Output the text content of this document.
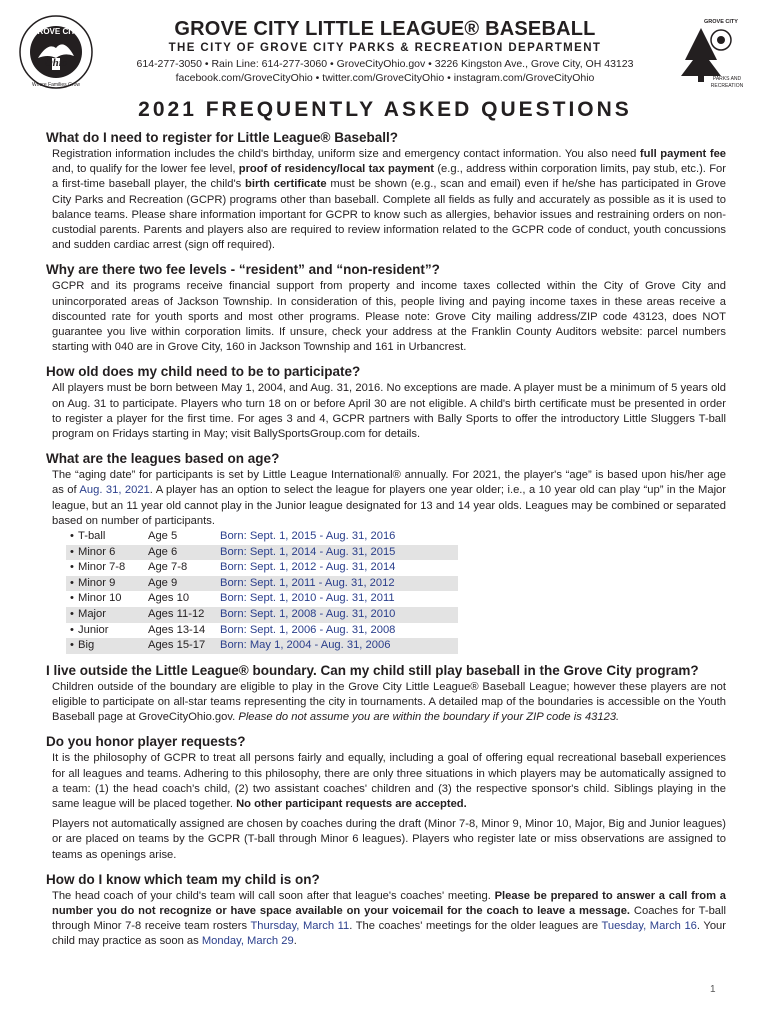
GROVE CITY
Ohio
Where Families Grow
GROVE CITY LITTLE LEAGUE® BASEBALL
THE CITY OF GROVE CITY PARKS & RECREATION DEPARTMENT
614-277-3050 • Rain Line: 614-277-3060 • GroveCityOhio.gov • 3226 Kingston Ave., Grove City, OH 43123
facebook.com/GroveCityOhio • twitter.com/GroveCityOhio • instagram.com/GroveCityOhio
GROVE CITY
PARKS AND
RECREATION
2021 FREQUENTLY ASKED QUESTIONS
What do I need to register for Little League® Baseball?
Registration information includes the child's birthday, uniform size and emergency contact information. You also need full payment fee and, to qualify for the lower fee level, proof of residency/local tax payment (e.g., address within corporation limits, pay stub, etc.). For a first-time baseball player, the child's birth certificate must be shown (e.g., scan and email) even if he/she has participated in Grove City Parks and Recreation (GCPR) programs other than baseball. Complete all fields as fully and accurately as possible as it is used to balance teams. Please share information important for GCPR to know such as allergies, behavior issues and restraining orders on non-custodial parents. Parents and players also are required to review information related to the GCPR code of conduct, youth concussions and sudden cardiac arrest (sign off required).
Why are there two fee levels - “resident” and “non-resident”?
GCPR and its programs receive financial support from property and income taxes collected within the City of Grove City and unincorporated areas of Jackson Township. In consideration of this, people living and paying income taxes in these areas receive a discounted rate for youth sports and most other programs. Please note: Grove City mailing address/ZIP code 43123, does NOT guarantee you live within corporation limits. If unsure, check your address at the Franklin County Auditors website: parcel numbers starting with 040 are in Grove City, 160 in Jackson Township and 161 in Urbancrest.
How old does my child need to be to participate?
All players must be born between May 1, 2004, and Aug. 31, 2016. No exceptions are made. A player must be a minimum of 5 years old on Aug. 31 to participate. Players who turn 18 on or before April 30 are not eligible. A child's birth certificate must be presented in order to register a player for the first time. For ages 3 and 4, GCPR partners with Bally Sports to offer the introductory Little Sluggers T-ball program on Fridays starting in May; visit BallySportsGroup.com for details.
What are the leagues based on age?
The “aging date” for participants is set by Little League International® annually. For 2021, the player's “age” is based upon his/her age as of Aug. 31, 2021. A player has an option to select the league for players one year older; i.e., a 10 year old can play “up” in the Major league, but an 11 year old cannot play in the Junior league designated for 13 and 14 year olds. Leagues may be combined or separated based on number of participants.
• T-ball	Age 5	Born: Sept. 1, 2015 - Aug. 31, 2016
• Minor 6	Age 6	Born: Sept. 1, 2014 - Aug. 31, 2015
• Minor 7-8	Age 7-8	Born: Sept. 1, 2012 - Aug. 31, 2014
• Minor 9	Age 9	Born: Sept. 1, 2011 - Aug. 31, 2012
• Minor 10	Ages 10	Born: Sept. 1, 2010 - Aug. 31, 2011
• Major	Ages 11-12	Born: Sept. 1, 2008 - Aug. 31, 2010
• Junior	Ages 13-14	Born: Sept. 1, 2006 - Aug. 31, 2008
• Big	Ages 15-17	Born: May 1, 2004 - Aug. 31, 2006
I live outside the Little League® boundary. Can my child still play baseball in the Grove City program?
Children outside of the boundary are eligible to play in the Grove City Little League® Baseball League; however these players are not eligible to participate on all-star teams representing the city in tournaments. A detailed map of the boundaries is accessible on the Youth Baseball page at GroveCityOhio.gov. Please do not assume you are within the boundary if your ZIP code is 43123.
Do you honor player requests?
It is the philosophy of GCPR to treat all persons fairly and equally, including a goal of offering equal recreational baseball experiences for all leagues and teams. Adhering to this philosophy, there are only three situations in which players may be automatically assigned to a team: (1) the head coach's child, (2) two assistant coaches' children and (3) the respective sponsor's child. Siblings playing in the same league will be placed together. No other participant requests are accepted.
Players not automatically assigned are chosen by coaches during the draft (Minor 7-8, Minor 9, Minor 10, Major, Big and Junior leagues) or are placed on teams by the GCPR (T-ball through Minor 6 leagues). Players who register late or miss observations are assigned to teams as openings arise.
How do I know which team my child is on?
The head coach of your child's team will call soon after that league's coaches' meeting. Please be prepared to answer a call from a number you do not recognize or have space available on your voicemail for the coach to leave a message. Coaches for T-ball through Minor 7-8 receive team rosters Thursday, March 11. The coaches' meetings for the older leagues are Tuesday, March 16. Your child may practice as soon as Monday, March 29.
1
